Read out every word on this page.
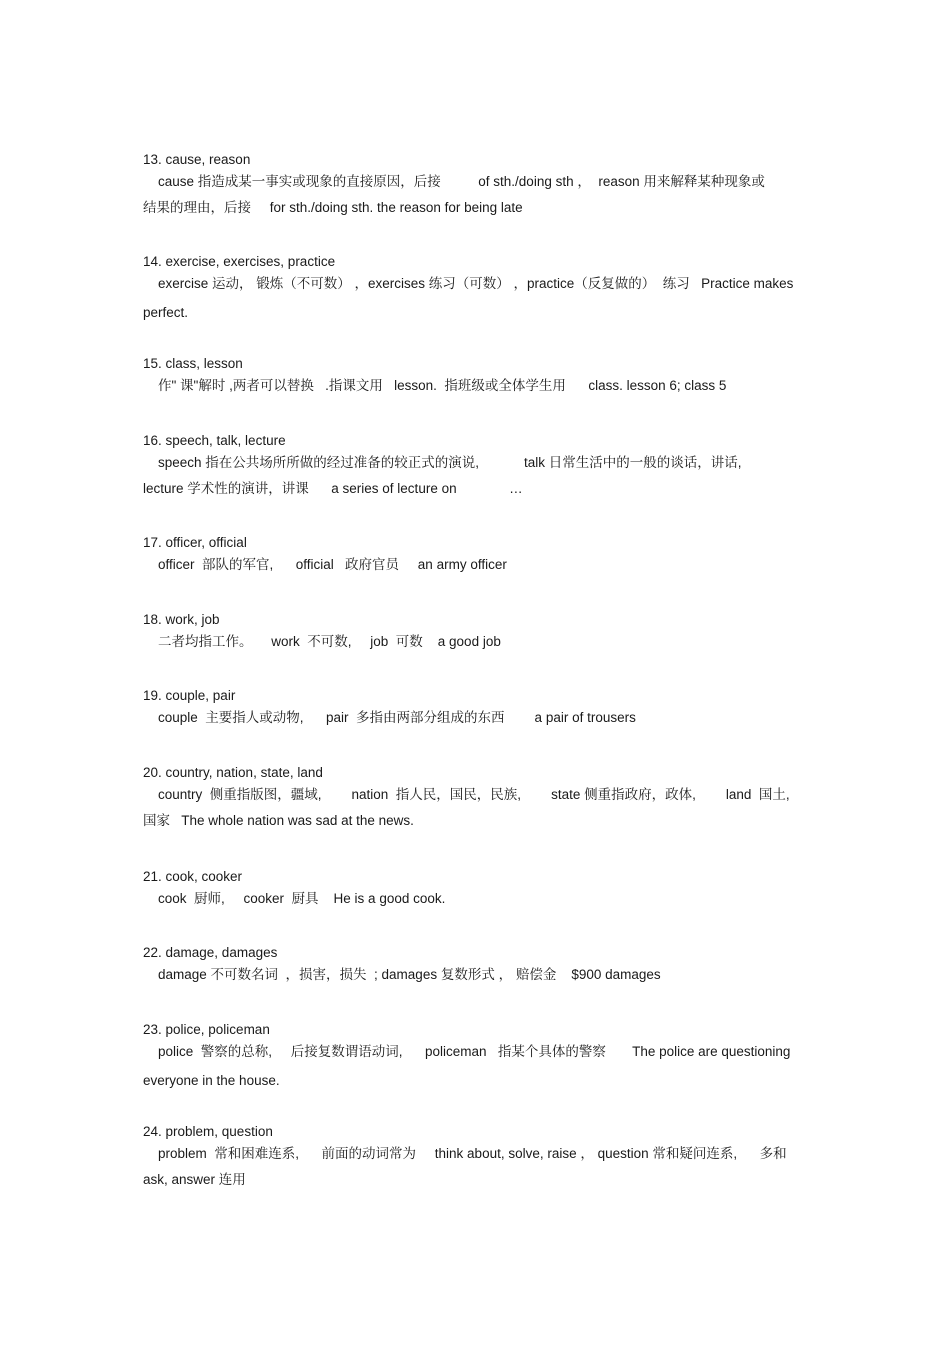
13. cause, reason
cause 指造成某一事实或现象的直接原因，后接          of sth./doing sth ，  reason 用来解释某种现象或
结果的理由，后接     for sth./doing sth. the reason for being late
14. exercise, exercises, practice
exercise 运动， 锻炼（不可数） ，exercises 练习（可数） ，practice（反复做的）  练习   Practice makes
perfect.
15. class, lesson
作" 课"解时 ,两者可以替换   .指课文用   lesson.  指班级或全体学生用      class. lesson 6; class 5
16. speech, talk, lecture
speech 指在公共场所所做的经过准备的较正式的演说,            talk 日常生活中的一般的谈话，讲话,
lecture 学术性的演讲，讲课      a series of lecture on              …
17. officer, official
officer  部队的军官,      official   政府官员     an army officer
18. work, job
二者均指工作。     work  不可数,     job  可数    a good job
19. couple, pair
couple  主要指人或动物,      pair  多指由两部分组成的东西        a pair of trousers
20. country, nation, state, land
country  侧重指版图，疆域,        nation  指人民，国民，民族,        state 侧重指政府，政体,        land  国土,
国家   The whole nation was sad at the news.
21. cook, cooker
cook  厨师,     cooker  厨具    He is a good cook.
22. damage, damages
damage 不可数名词  ，损害，损失  ; damages 复数形式 ， 赔偿金    $900 damages
23. police, policeman
police  警察的总称,     后接复数谓语动词,      policeman   指某个具体的警察       The police are questioning
everyone in the house.
24. problem, question
problem  常和困难连系,      前面的动词常为     think about, solve, raise ， question 常和疑问连系,      多和
ask, answer 连用
